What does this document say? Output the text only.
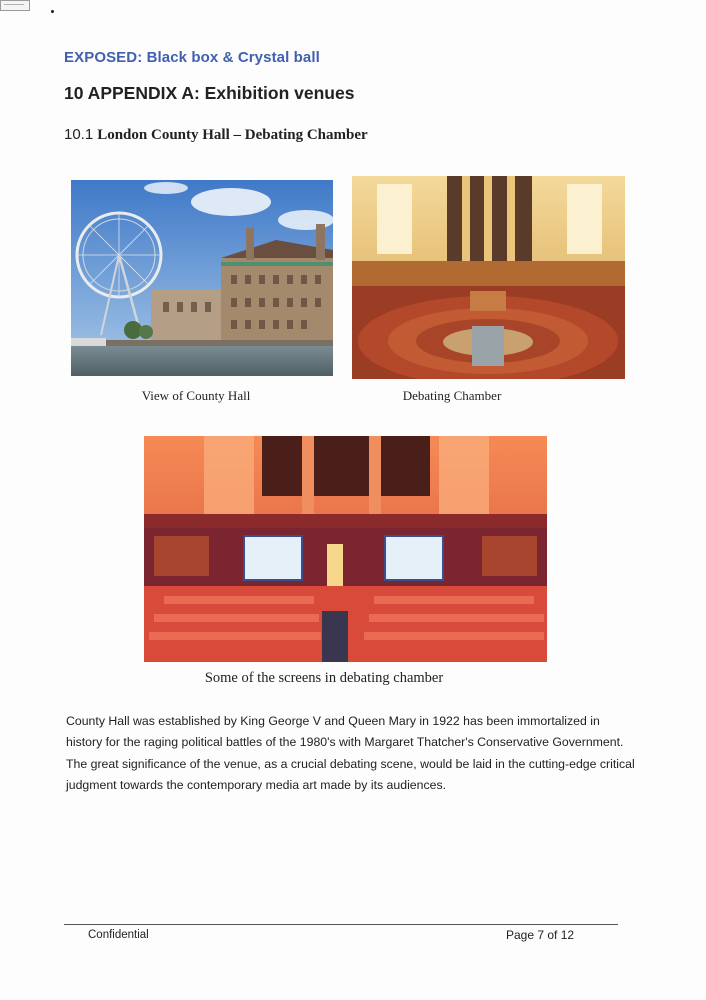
EXPOSED: Black box & Crystal ball
10 APPENDIX A: Exhibition venues
10.1 London County Hall – Debating Chamber
View of County Hall	Debating Chamber
Some of the screens in debating chamber
County Hall was established by King George V and Queen Mary in 1922 has been immortalized in history for the raging political battles of the 1980's with Margaret Thatcher's Conservative Government. The great significance of the venue, as a crucial debating scene, would be laid in the cutting-edge critical judgment towards the contemporary media art made by its audiences.
Confidential	Page 7 of 12
